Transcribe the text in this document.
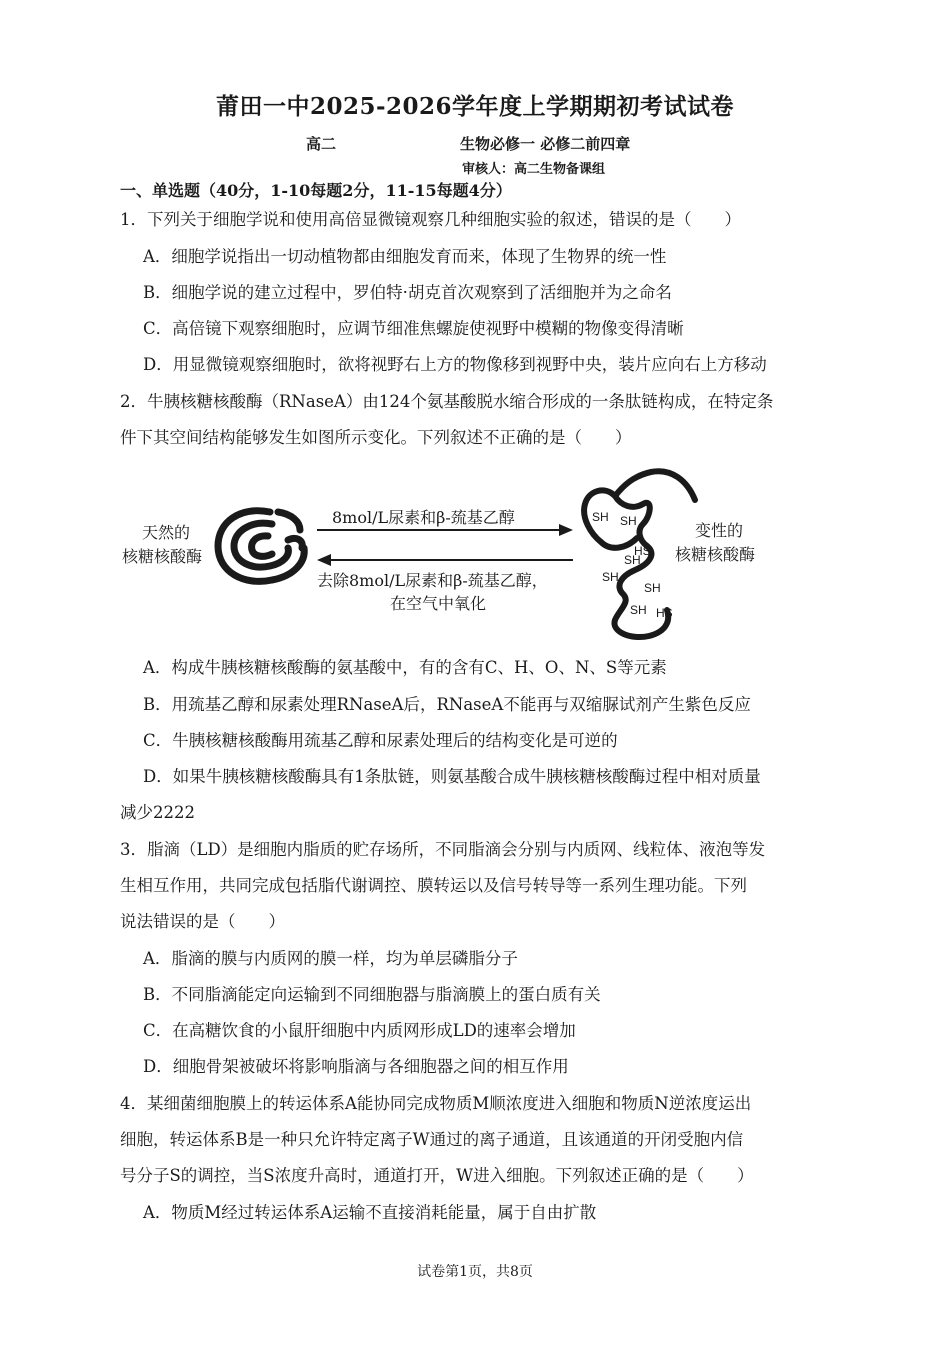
莆田一中2025-2026学年度上学期期初考试试卷
高二	生物必修一 必修二前四章
审核人：高二生物备课组
一、单选题（40分，1-10每题2分，11-15每题4分）
1．下列关于细胞学说和使用高倍显微镜观察几种细胞实验的叙述，错误的是（　　）
A．细胞学说指出一切动植物都由细胞发育而来，体现了生物界的统一性
B．细胞学说的建立过程中，罗伯特·胡克首次观察到了活细胞并为之命名
C．高倍镜下观察细胞时，应调节细准焦螺旋使视野中模糊的物像变得清晰
D．用显微镜观察细胞时，欲将视野右上方的物像移到视野中央，装片应向右上方移动
2．牛胰核糖核酸酶（RNaseA）由124个氨基酸脱水缩合形成的一条肽链构成，在特定条
件下其空间结构能够发生如图所示变化。下列叙述不正确的是（　　）
天然的
核糖核酸酶
8mol/L尿素和β-巯基乙醇
去除8mol/L尿素和β-巯基乙醇，
在空气中氧化
SH SH
HS
SH
SH
SH
SH HS
变性的
核糖核酸酶
A．构成牛胰核糖核酸酶的氨基酸中，有的含有C、H、O、N、S等元素
B．用巯基乙醇和尿素处理RNaseA后，RNaseA不能再与双缩脲试剂产生紫色反应
C．牛胰核糖核酸酶用巯基乙醇和尿素处理后的结构变化是可逆的
D．如果牛胰核糖核酸酶具有1条肽链，则氨基酸合成牛胰核糖核酸酶过程中相对质量
减少2222
3．脂滴（LD）是细胞内脂质的贮存场所，不同脂滴会分别与内质网、线粒体、液泡等发
生相互作用，共同完成包括脂代谢调控、膜转运以及信号转导等一系列生理功能。下列
说法错误的是（　　）
A．脂滴的膜与内质网的膜一样，均为单层磷脂分子
B．不同脂滴能定向运输到不同细胞器与脂滴膜上的蛋白质有关
C．在高糖饮食的小鼠肝细胞中内质网形成LD的速率会增加
D．细胞骨架被破坏将影响脂滴与各细胞器之间的相互作用
4．某细菌细胞膜上的转运体系A能协同完成物质M顺浓度进入细胞和物质N逆浓度运出
细胞，转运体系B是一种只允许特定离子W通过的离子通道，且该通道的开闭受胞内信
号分子S的调控，当S浓度升高时，通道打开，W进入细胞。下列叙述正确的是（　　）
A．物质M经过转运体系A运输不直接消耗能量，属于自由扩散
试卷第1页，共8页
